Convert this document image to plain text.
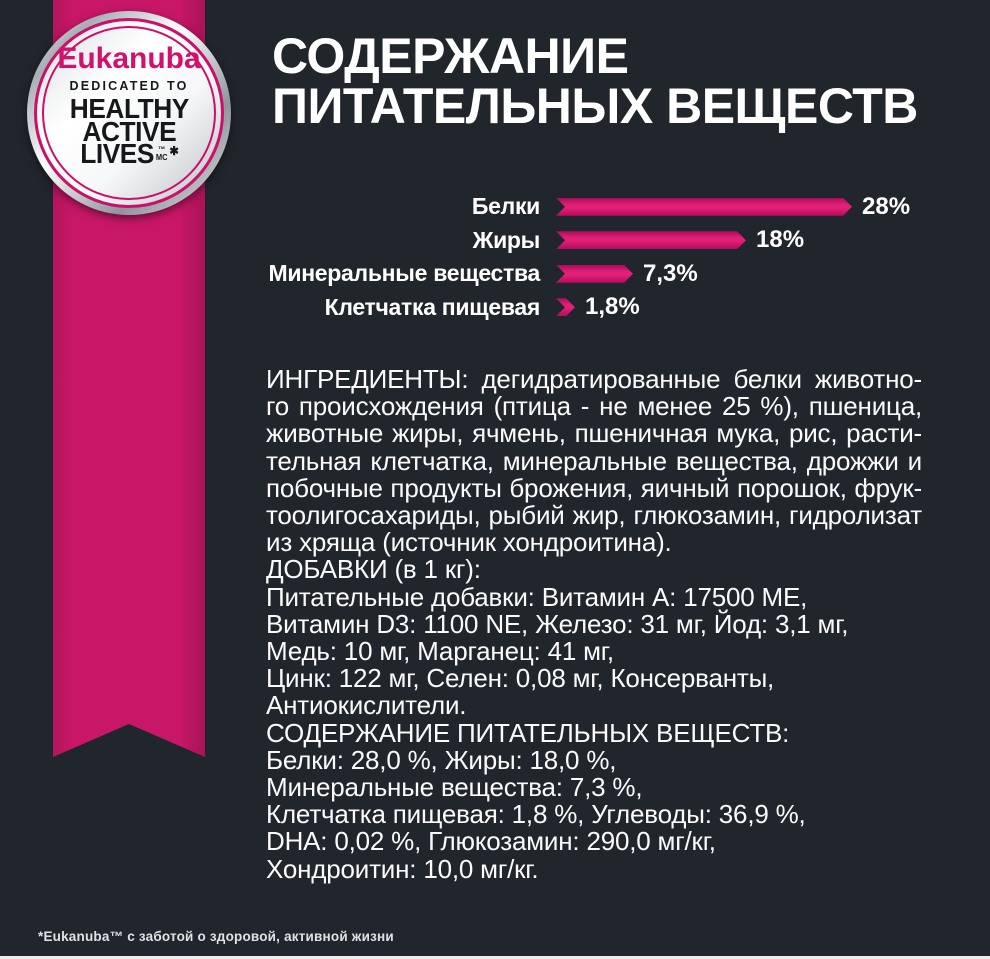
Eukanuba
DEDICATED TO
HEALTHY
ACTIVE
LIVES ™
MC ✱
СОДЕРЖАНИЕ
ПИТАТЕЛЬНЫХ ВЕЩЕСТВ
Белки	28%
Жиры	18%
Минеральные вещества	7,3%
Клетчатка пищевая 1,8%
ИНГРЕДИЕНТЫ: дегидратированные белки животно-
го происхождения (птица - не менее 25 %), пшеница,
животные жиры, ячмень, пшеничная мука, рис, расти-
тельная клетчатка, минеральные вещества, дрожжи и
побочные продукты брожения, яичный порошок, фрук-
тоолигосахариды, рыбий жир, глюкозамин, гидролизат
из хряща (источник хондроитина).
ДОБАВКИ (в 1 кг):
Питательные добавки: Витамин А: 17500 ME,
Витамин D3: 1100 NE, Железо: 31 мг, Йод: 3,1 мг,
Медь: 10 мг, Марганец: 41 мг,
Цинк: 122 мг, Селен: 0,08 мг, Консерванты,
Антиокислители.
СОДЕРЖАНИЕ ПИТАТЕЛЬНЫХ ВЕЩЕСТВ:
Белки: 28,0 %, Жиры: 18,0 %,
Минеральные вещества: 7,3 %,
Клетчатка пищевая: 1,8 %, Углеводы: 36,9 %,
DHA: 0,02 %, Глюкозамин: 290,0 мг/кг,
Хондроитин: 10,0 мг/кг.
*Eukanuba™ с заботой о здоровой, активной жизни
